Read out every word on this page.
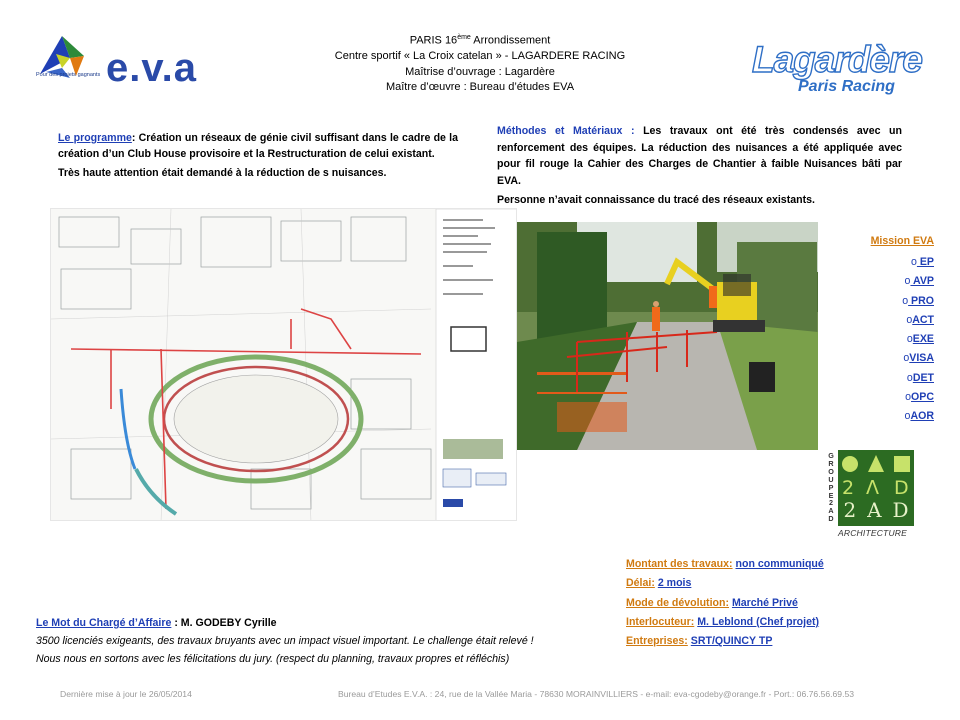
e.v.a
Pour des projets gagnants
PARIS 16ème Arrondissement
Centre sportif « La Croix catelan » - LAGARDERE RACING
Maîtrise d’ouvrage : Lagardère
Maître d’œuvre : Bureau d’études EVA
Lagardère
Paris Racing

Le programme: Création un réseaux de génie civil suffisant dans le cadre de la création d’un Club House provisoire et la Restructuration de celui existant.

Très haute attention était demandé à la réduction de s nuisances.

Méthodes et Matériaux : Les travaux ont été très condensés avec un renforcement des équipes. La réduction des nuisances a été appliquée avec pour fil rouge la Cahier des Charges de Chantier à faible Nuisances bâti par EVA.

Personne n’avait connaissance du tracé des réseaux existants.

Mission EVA
o EP
o AVP
o PRO
oACT
oEXE
oVISA
oDET
oOPC
oAOR
G
R
O
U
P
E
2
A
D
2 ᐱ D
2 A D
ARCHITECTURE
Montant des travaux: non communiqué
Délai: 2 mois
Mode de dévolution: Marché Privé
Interlocuteur: M. Leblond (Chef projet)
Entreprises: SRT/QUINCY TP
Le Mot du Chargé d’Affaire : M. GODEBY Cyrille
3500 licenciés exigeants, des travaux bruyants avec un impact visuel important. Le challenge était relevé !
Nous nous en sortons avec les félicitations du jury. (respect du planning, travaux propres et réfléchis)
Dernière mise à jour le 26/05/2014	Bureau d’Etudes E.V.A. : 24, rue de la Vallée Maria - 78630 MORAINVILLIERS - e-mail: eva-cgodeby@orange.fr - Port.: 06.76.56.69.53
